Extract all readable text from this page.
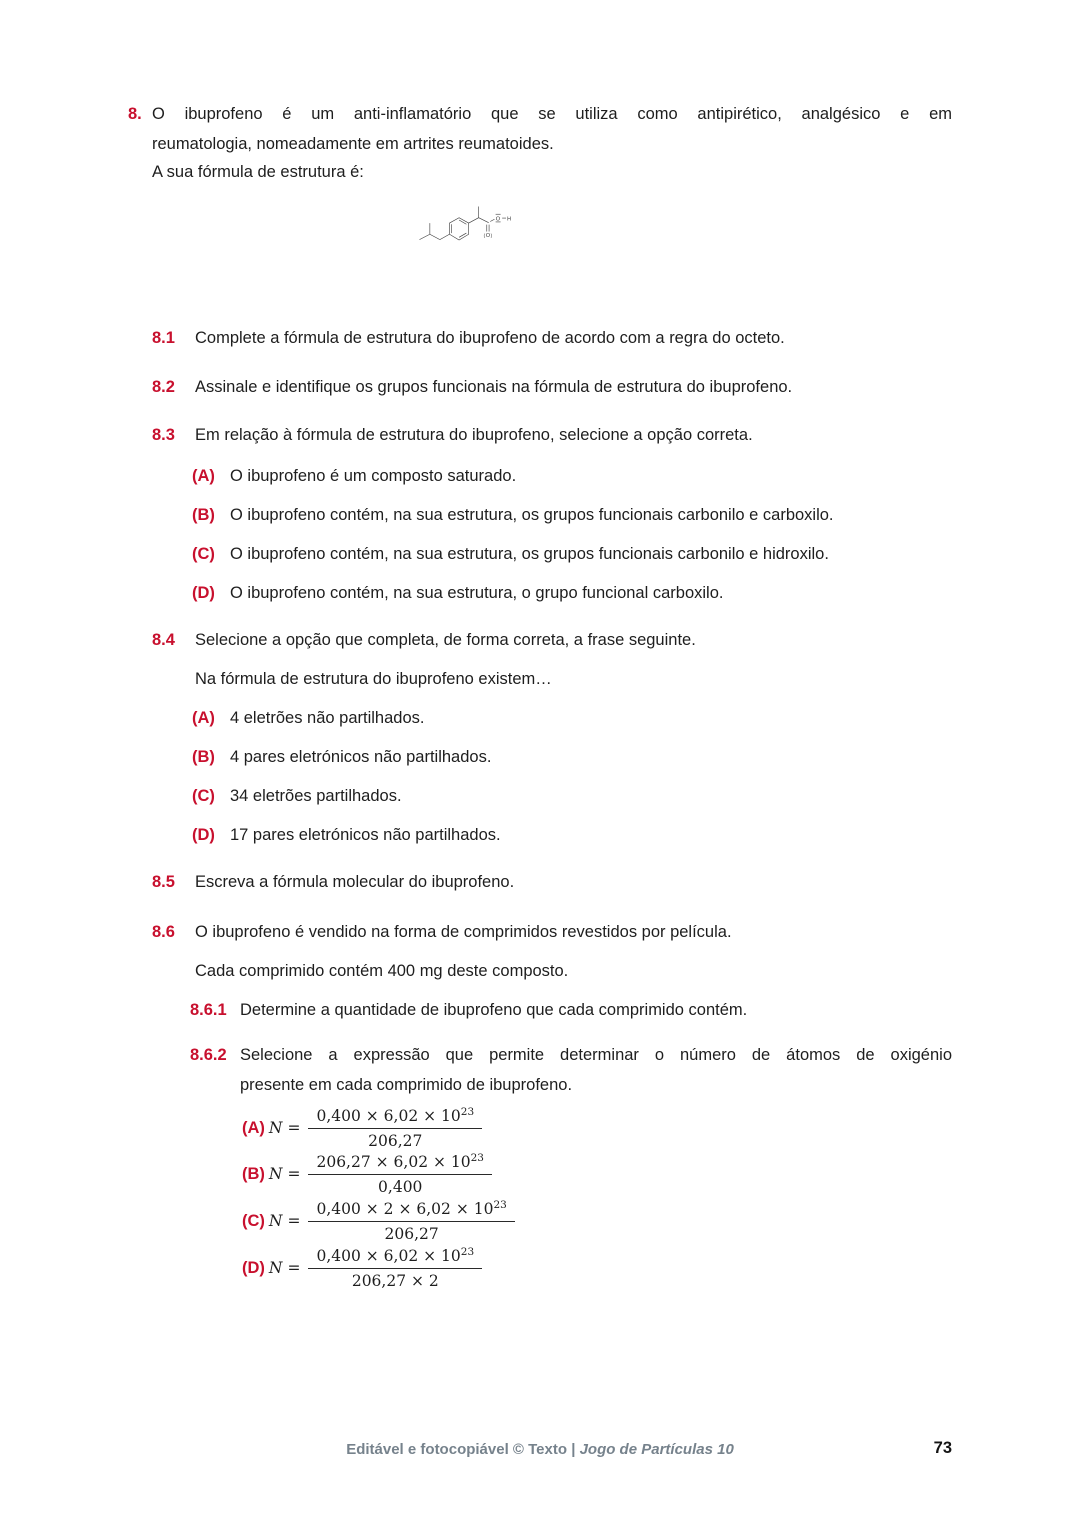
8. O ibuprofeno é um anti-inflamatório que se utiliza como antipirético, analgésico e em
reumatologia, nomeadamente em artrites reumatoides.
A sua fórmula de estrutura é:
O H
O
( )
8.1 Complete a fórmula de estrutura do ibuprofeno de acordo com a regra do octeto.
8.2 Assinale e identifique os grupos funcionais na fórmula de estrutura do ibuprofeno.
8.3 Em relação à fórmula de estrutura do ibuprofeno, selecione a opção correta.
(A) O ibuprofeno é um composto saturado.
(B) O ibuprofeno contém, na sua estrutura, os grupos funcionais carbonilo e carboxilo.
(C) O ibuprofeno contém, na sua estrutura, os grupos funcionais carbonilo e hidroxilo.
(D) O ibuprofeno contém, na sua estrutura, o grupo funcional carboxilo.
8.4 Selecione a opção que completa, de forma correta, a frase seguinte.
Na fórmula de estrutura do ibuprofeno existem…
(A) 4 eletrões não partilhados.
(B) 4 pares eletrónicos não partilhados.
(C) 34 eletrões partilhados.
(D) 17 pares eletrónicos não partilhados.
8.5 Escreva a fórmula molecular do ibuprofeno.
8.6 O ibuprofeno é vendido na forma de comprimidos revestidos por película.
Cada comprimido contém 400 mg deste composto.
8.6.1 Determine a quantidade de ibuprofeno que cada comprimido contém.
8.6.2 Selecione a expressão que permite determinar o número de átomos de oxigénio
presente em cada comprimido de ibuprofeno.
(A) $N = \frac{0,400 \times 6,02 \times 10^{23}}{206,27}$
(B) $N = \frac{206,27 \times 6,02 \times 10^{23}}{0,400}$
(C) $N = \frac{0,400 \times 2 \times 6,02 \times 10^{23}}{206,27}$
(D) $N = \frac{0,400 \times 6,02 \times 10^{23}}{206,27 \times 2}$
Editável e fotocopiável © Texto | Jogo de Partículas 10	73
